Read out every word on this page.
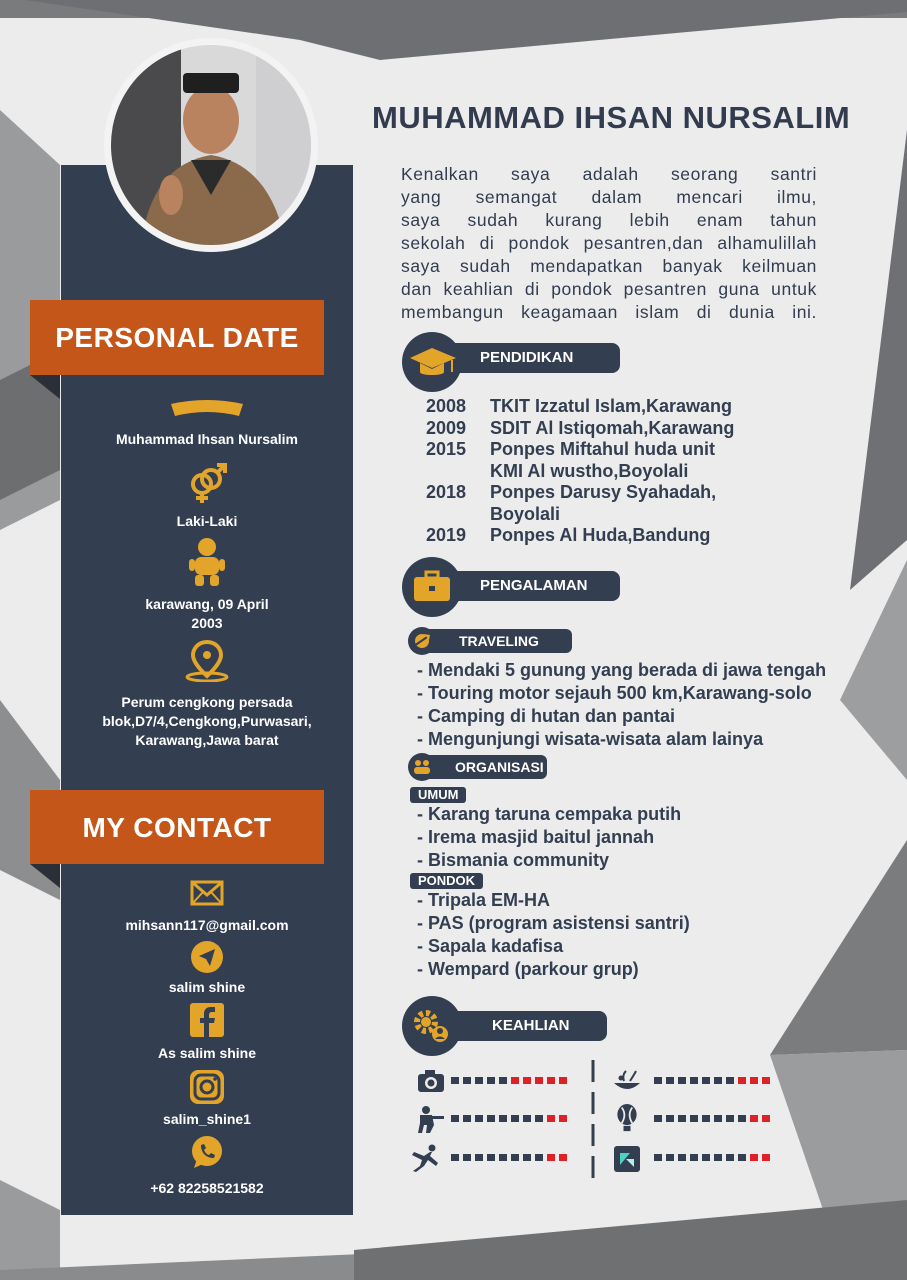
PERSONAL DATE
Muhammad Ihsan Nursalim
Laki-Laki
karawang, 09 April
2003
Perum cengkong persada
blok,D7/4,Cengkong,Purwasari,
Karawang,Jawa barat
MY CONTACT
mihsann117@gmail.com
salim shine
As salim shine
salim_shine1
+62 82258521582
MUHAMMAD IHSAN NURSALIM
Kenalkan saya adalah seorang santri
yang semangat dalam mencari ilmu,
saya sudah kurang lebih enam tahun
sekolah di pondok pesantren,dan alhamulillah
saya sudah mendapatkan banyak keilmuan
dan keahlian di pondok pesantren guna untuk
membangun keagamaan islam di dunia ini.
PENDIDIKAN
2008	TKIT Izzatul Islam,Karawang
2009	SDIT Al Istiqomah,Karawang
2015	Ponpes Miftahul huda unit
KMI Al wustho,Boyolali
2018	Ponpes Darusy Syahadah,
Boyolali
2019	Ponpes Al Huda,Bandung
PENGALAMAN
TRAVELING
- Mendaki 5 gunung yang berada di jawa tengah
- Touring motor sejauh 500 km,Karawang-solo
- Camping di hutan dan pantai
- Mengunjungi wisata-wisata alam lainya
ORGANISASI
UMUM
- Karang taruna cempaka putih
- Irema masjid baitul jannah
- Bismania community
PONDOK
- Tripala EM-HA
- PAS (program asistensi santri)
- Sapala kadafisa
- Wempard (parkour grup)
KEAHLIAN
